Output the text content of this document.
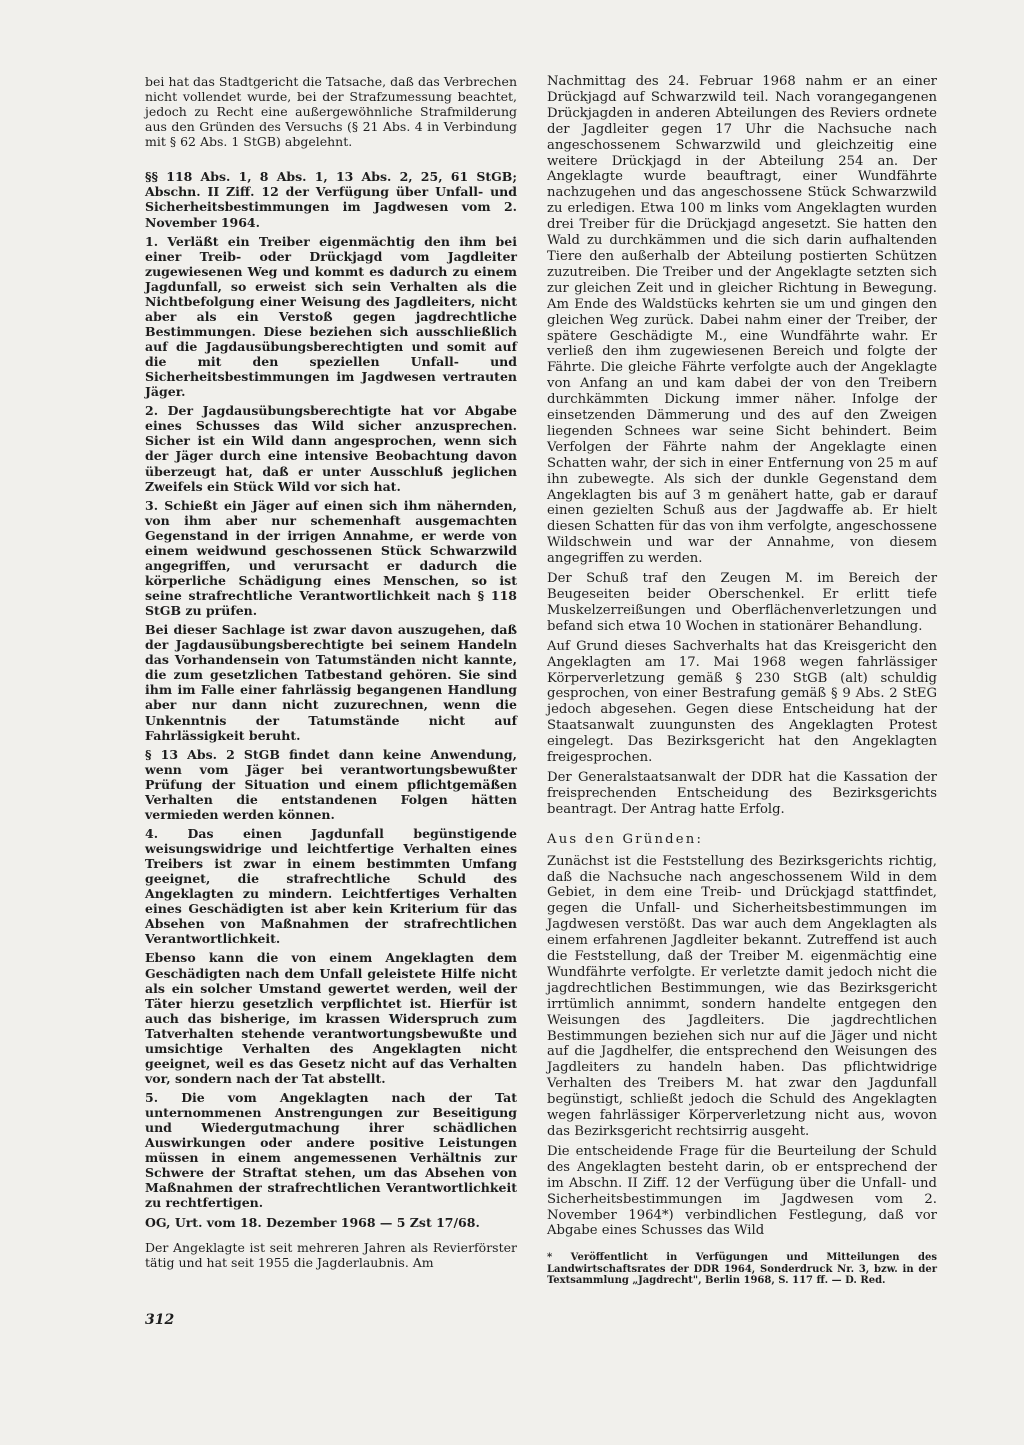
bei hat das Stadtgericht die Tatsache, daß das Verbrechen nicht vollendet wurde, bei der Strafzumessung beachtet, jedoch zu Recht eine außergewöhnliche Strafmilderung aus den Gründen des Versuchs (§ 21 Abs. 4 in Verbindung mit § 62 Abs. 1 StGB) abgelehnt.

§§ 118 Abs. 1, 8 Abs. 1, 13 Abs. 2, 25, 61 StGB; Abschn. II Ziff. 12 der Verfügung über Unfall- und Sicherheitsbestimmungen im Jagdwesen vom 2. November 1964.

1. Verläßt ein Treiber eigenmächtig den ihm bei einer Treib- oder Drückjagd vom Jagdleiter zugewiesenen Weg und kommt es dadurch zu einem Jagdunfall, so erweist sich sein Verhalten als die Nichtbefolgung einer Weisung des Jagdleiters, nicht aber als ein Verstoß gegen jagdrechtliche Bestimmungen. Diese beziehen sich ausschließlich auf die Jagdausübungsberechtigten und somit auf die mit den speziellen Unfall- und Sicherheitsbestimmungen im Jagdwesen vertrauten Jäger.

2. Der Jagdausübungsberechtigte hat vor Abgabe eines Schusses das Wild sicher anzusprechen. Sicher ist ein Wild dann angesprochen, wenn sich der Jäger durch eine intensive Beobachtung davon überzeugt hat, daß er unter Ausschluß jeglichen Zweifels ein Stück Wild vor sich hat.

3. Schießt ein Jäger auf einen sich ihm nähernden, von ihm aber nur schemenhaft ausgemachten Gegenstand in der irrigen Annahme, er werde von einem weidwund geschossenen Stück Schwarzwild angegriffen, und verursacht er dadurch die körperliche Schädigung eines Menschen, so ist seine strafrechtliche Verantwortlichkeit nach § 118 StGB zu prüfen.

Bei dieser Sachlage ist zwar davon auszugehen, daß der Jagdausübungsberechtigte bei seinem Handeln das Vorhandensein von Tatumständen nicht kannte, die zum gesetzlichen Tatbestand gehören. Sie sind ihm im Falle einer fahrlässig begangenen Handlung aber nur dann nicht zuzurechnen, wenn die Unkenntnis der Tatumstände nicht auf Fahrlässigkeit beruht.

§ 13 Abs. 2 StGB findet dann keine Anwendung, wenn vom Jäger bei verantwortungsbewußter Prüfung der Situation und einem pflichtgemäßen Verhalten die entstandenen Folgen hätten vermieden werden können.

4. Das einen Jagdunfall begünstigende weisungswidrige und leichtfertige Verhalten eines Treibers ist zwar in einem bestimmten Umfang geeignet, die strafrechtliche Schuld des Angeklagten zu mindern. Leichtfertiges Verhalten eines Geschädigten ist aber kein Kriterium für das Absehen von Maßnahmen der strafrechtlichen Verantwortlichkeit.

Ebenso kann die von einem Angeklagten dem Geschädigten nach dem Unfall geleistete Hilfe nicht als ein solcher Umstand gewertet werden, weil der Täter hierzu gesetzlich verpflichtet ist. Hierfür ist auch das bisherige, im krassen Widerspruch zum Tatverhalten stehende verantwortungsbewußte und umsichtige Verhalten des Angeklagten nicht geeignet, weil es das Gesetz nicht auf das Verhalten vor, sondern nach der Tat abstellt.

5. Die vom Angeklagten nach der Tat unternommenen Anstrengungen zur Beseitigung und Wiedergutmachung ihrer schädlichen Auswirkungen oder andere positive Leistungen müssen in einem angemessenen Verhältnis zur Schwere der Straftat stehen, um das Absehen von Maßnahmen der strafrechtlichen Verantwortlichkeit zu rechtfertigen.

OG, Urt. vom 18. Dezember 1968 — 5 Zst 17/68.

Der Angeklagte ist seit mehreren Jahren als Revierförster tätig und hat seit 1955 die Jagderlaubnis. Am

Nachmittag des 24. Februar 1968 nahm er an einer Drückjagd auf Schwarzwild teil. Nach vorangegangenen Drückjagden in anderen Abteilungen des Reviers ordnete der Jagdleiter gegen 17 Uhr die Nachsuche nach angeschossenem Schwarzwild und gleichzeitig eine weitere Drückjagd in der Abteilung 254 an. Der Angeklagte wurde beauftragt, einer Wundfährte nachzugehen und das angeschossene Stück Schwarzwild zu erledigen. Etwa 100 m links vom Angeklagten wurden drei Treiber für die Drückjagd angesetzt. Sie hatten den Wald zu durchkämmen und die sich darin aufhaltenden Tiere den außerhalb der Abteilung postierten Schützen zuzutreiben. Die Treiber und der Angeklagte setzten sich zur gleichen Zeit und in gleicher Richtung in Bewegung. Am Ende des Waldstücks kehrten sie um und gingen den gleichen Weg zurück. Dabei nahm einer der Treiber, der spätere Geschädigte M., eine Wundfährte wahr. Er verließ den ihm zugewiesenen Bereich und folgte der Fährte. Die gleiche Fährte verfolgte auch der Angeklagte von Anfang an und kam dabei der von den Treibern durchkämmten Dickung immer näher. Infolge der einsetzenden Dämmerung und des auf den Zweigen liegenden Schnees war seine Sicht behindert. Beim Verfolgen der Fährte nahm der Angeklagte einen Schatten wahr, der sich in einer Entfernung von 25 m auf ihn zubewegte. Als sich der dunkle Gegenstand dem Angeklagten bis auf 3 m genähert hatte, gab er darauf einen gezielten Schuß aus der Jagdwaffe ab. Er hielt diesen Schatten für das von ihm verfolgte, angeschossene Wildschwein und war der Annahme, von diesem angegriffen zu werden.

Der Schuß traf den Zeugen M. im Bereich der Beugeseiten beider Oberschenkel. Er erlitt tiefe Muskelzerreißungen und Oberflächenverletzungen und befand sich etwa 10 Wochen in stationärer Behandlung.

Auf Grund dieses Sachverhalts hat das Kreisgericht den Angeklagten am 17. Mai 1968 wegen fahrlässiger Körperverletzung gemäß § 230 StGB (alt) schuldig gesprochen, von einer Bestrafung gemäß § 9 Abs. 2 StEG jedoch abgesehen. Gegen diese Entscheidung hat der Staatsanwalt zuungunsten des Angeklagten Protest eingelegt. Das Bezirksgericht hat den Angeklagten freigesprochen.

Der Generalstaatsanwalt der DDR hat die Kassation der freisprechenden Entscheidung des Bezirksgerichts beantragt. Der Antrag hatte Erfolg.

Aus den Gründen:

Zunächst ist die Feststellung des Bezirksgerichts richtig, daß die Nachsuche nach angeschossenem Wild in dem Gebiet, in dem eine Treib- und Drückjagd stattfindet, gegen die Unfall- und Sicherheitsbestimmungen im Jagdwesen verstößt. Das war auch dem Angeklagten als einem erfahrenen Jagdleiter bekannt. Zutreffend ist auch die Feststellung, daß der Treiber M. eigenmächtig eine Wundfährte verfolgte. Er verletzte damit jedoch nicht die jagdrechtlichen Bestimmungen, wie das Bezirksgericht irrtümlich annimmt, sondern handelte entgegen den Weisungen des Jagdleiters. Die jagdrechtlichen Bestimmungen beziehen sich nur auf die Jäger und nicht auf die Jagdhelfer, die entsprechend den Weisungen des Jagdleiters zu handeln haben. Das pflichtwidrige Verhalten des Treibers M. hat zwar den Jagdunfall begünstigt, schließt jedoch die Schuld des Angeklagten wegen fahrlässiger Körperverletzung nicht aus, wovon das Bezirksgericht rechtsirrig ausgeht.

Die entscheidende Frage für die Beurteilung der Schuld des Angeklagten besteht darin, ob er entsprechend der im Abschn. II Ziff. 12 der Verfügung über die Unfall- und Sicherheitsbestimmungen im Jagdwesen vom 2. November 1964*) verbindlichen Festlegung, daß vor Abgabe eines Schusses das Wild

* Veröffentlicht in Verfügungen und Mitteilungen des Landwirtschaftsrates der DDR 1964, Sonderdruck Nr. 3, bzw. in der Textsammlung „Jagdrecht", Berlin 1968, S. 117 ff. — D. Red.

312
